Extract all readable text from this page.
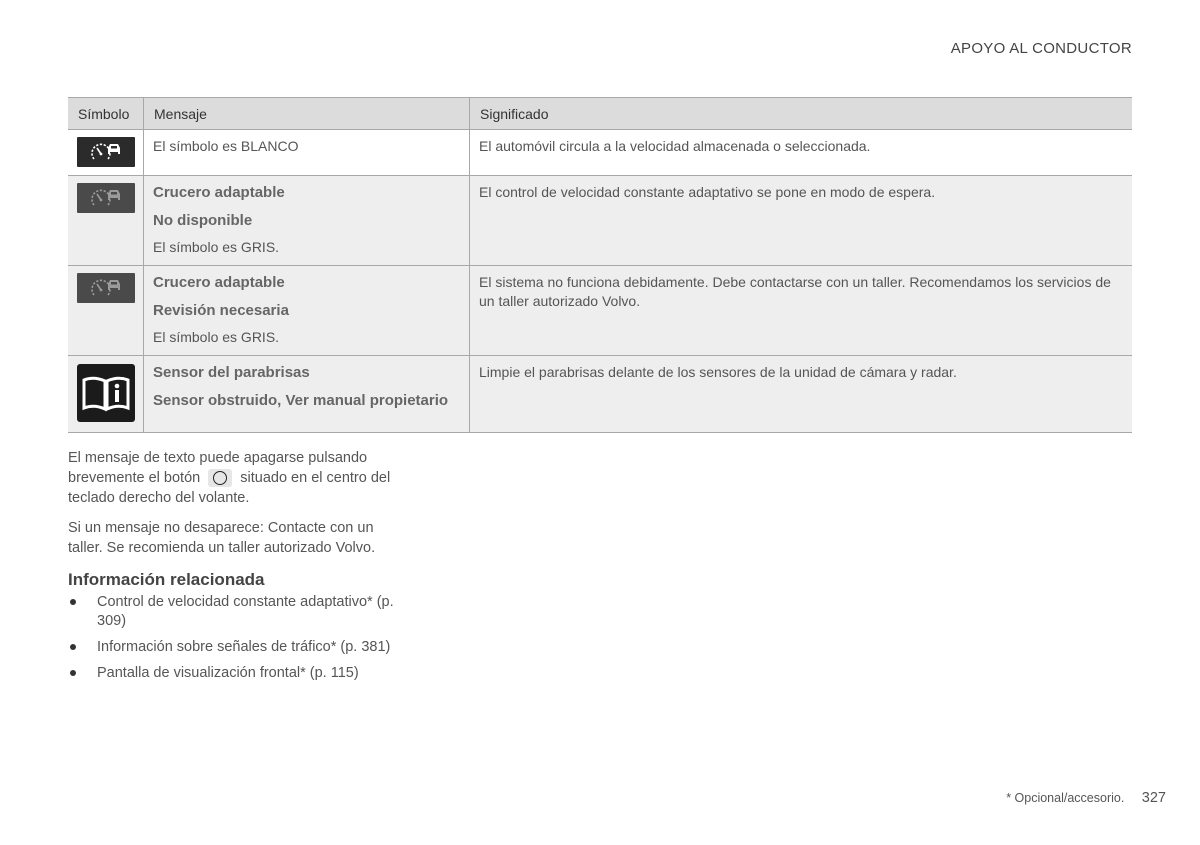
APOYO AL CONDUCTOR
Símbolo	Mensaje	Significado

El símbolo es BLANCO	El automóvil circula a la velocidad almacenada o seleccionada.

Crucero adaptable
No disponible
El símbolo es GRIS.	El control de velocidad constante adaptativo se pone en modo de espera.

Crucero adaptable
Revisión necesaria
El símbolo es GRIS.	El sistema no funciona debidamente. Debe contactarse con un taller. Recomendamos los servicios de un taller autorizado Volvo.

Sensor del parabrisas
Sensor obstruido, Ver manual propietario	Limpie el parabrisas delante de los sensores de la unidad de cámara y radar.
El mensaje de texto puede apagarse pulsando brevemente el botón	situado en el centro del teclado derecho del volante.
Si un mensaje no desaparece: Contacte con un taller. Se recomienda un taller autorizado Volvo.
Información relacionada
Control de velocidad constante adaptativo* (p. 309)
Información sobre señales de tráfico* (p. 381)
Pantalla de visualización frontal* (p. 115)
* Opcional/accesorio. 327
